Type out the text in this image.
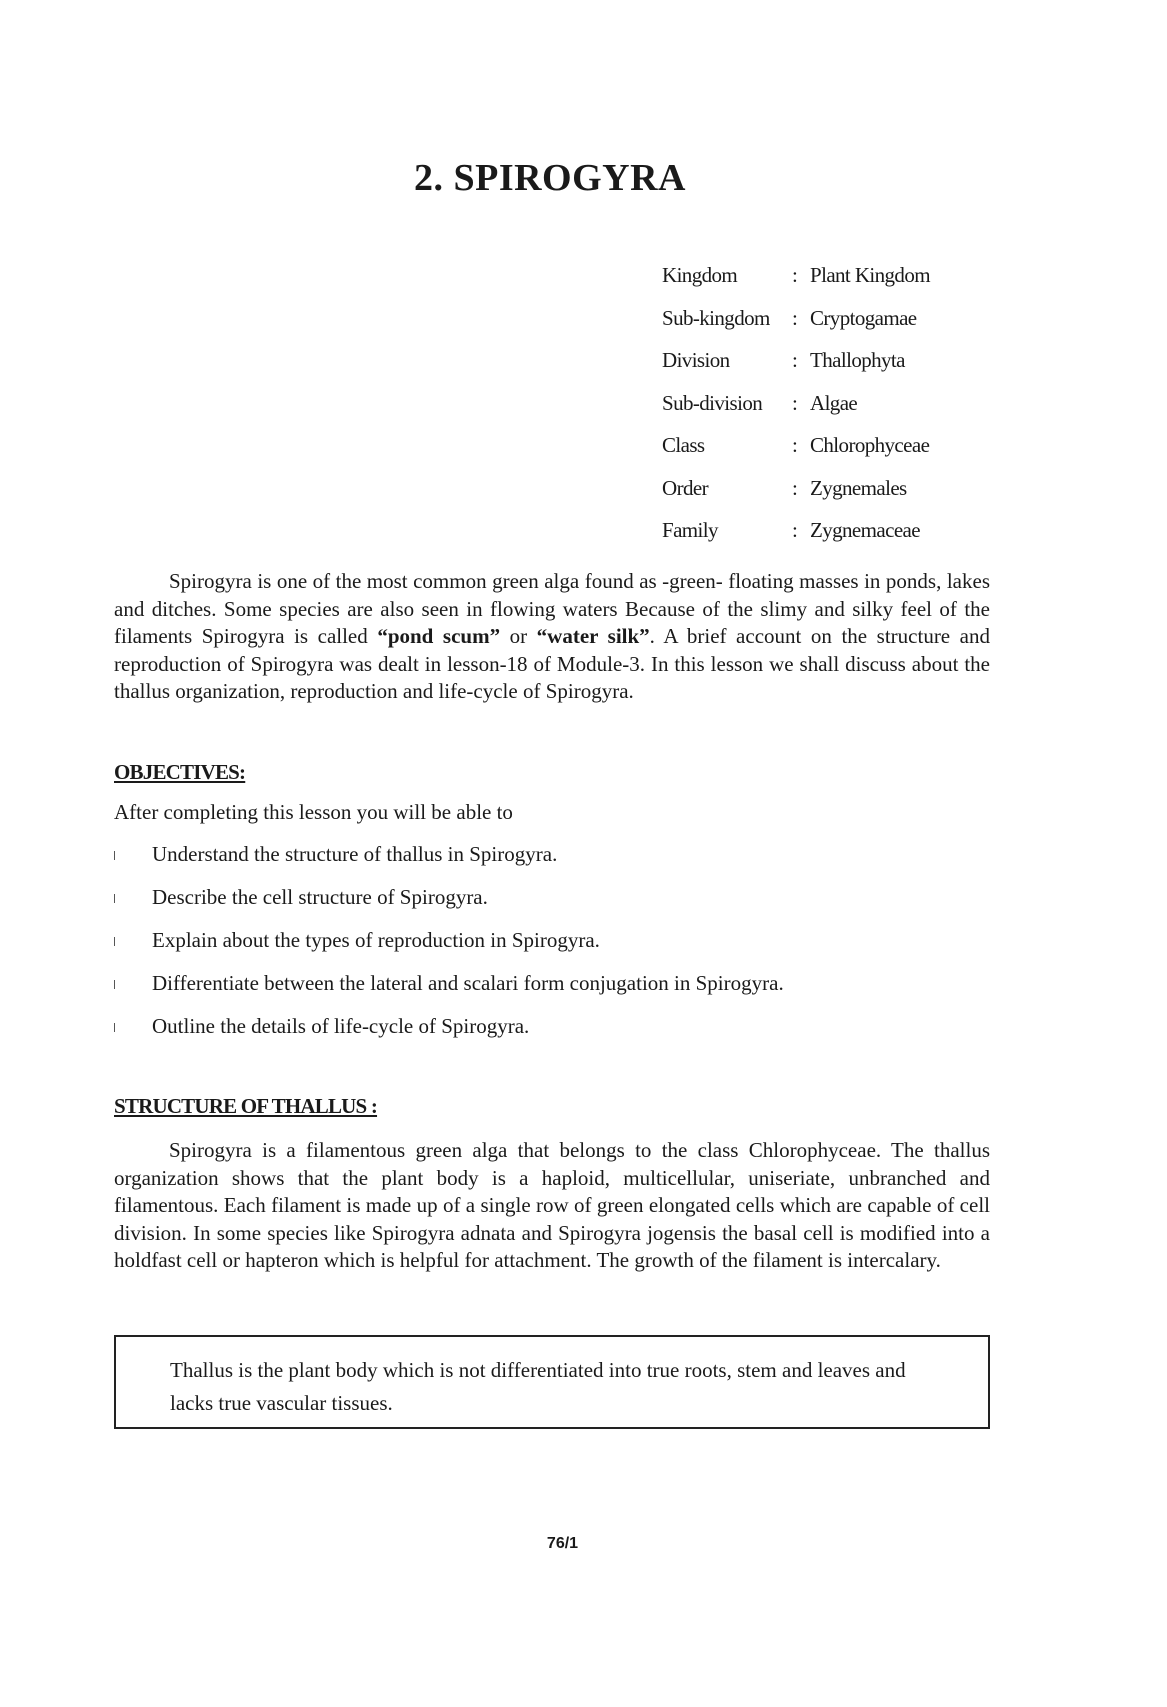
2. SPIROGYRA
Kingdom	:	Plant Kingdom
Sub-kingdom	:	Cryptogamae
Division	:	Thallophyta
Sub-division	:	Algae
Class	:	Chlorophyceae
Order	:	Zygnemales
Family	:	Zygnemaceae

Spirogyra is one of the most common green alga found as -green- floating masses in ponds, lakes and ditches. Some species are also seen in flowing waters Because of the slimy and silky feel of the filaments Spirogyra is called “pond scum” or “water silk”. A brief account on the structure and reproduction of Spirogyra was dealt in lesson-18 of Module-3. In this lesson we shall discuss about the thallus organization, reproduction and life-cycle of Spirogyra.

OBJECTIVES:

After completing this lesson you will be able to

Understand the structure of thallus in Spirogyra.
Describe the cell structure of Spirogyra.
Explain about the types of reproduction in Spirogyra.
Differentiate between the lateral and scalari form conjugation in Spirogyra.
Outline the details of life-cycle of Spirogyra.
STRUCTURE OF THALLUS :

Spirogyra is a filamentous green alga that belongs to the class Chlorophyceae. The thallus organization shows that the plant body is a haploid, multicellular, uniseriate, unbranched and filamentous. Each filament is made up of a single row of green elongated cells which are capable of cell division. In some species like Spirogyra adnata and Spirogyra jogensis the basal cell is modified into a holdfast cell or hapteron which is helpful for attachment. The growth of the filament is intercalary.

Thallus is the plant body which is not differentiated into true roots, stem and leaves and lacks true vascular tissues.

76/1
